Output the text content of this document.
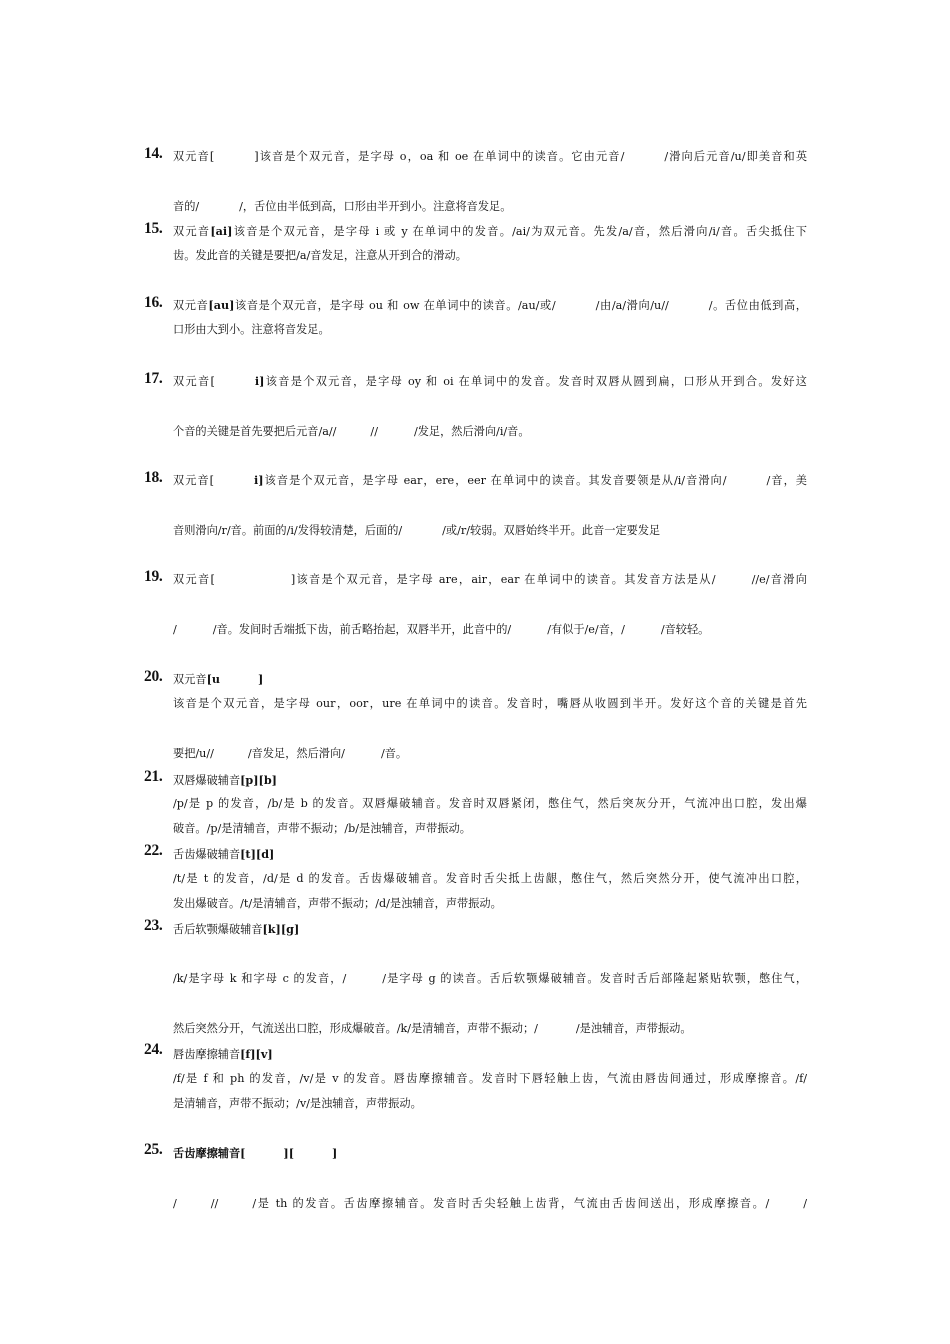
14. 双元音[	]该音是个双元音，是字母 o，oa 和 oe 在单词中的读音。它由元音/	/滑向后元音/u/即美音和英
音的/	/，舌位由半低到高，口形由半开到小。注意将音发足。
15. 双元音[ai]该音是个双元音，是字母 i 或 y 在单词中的发音。/ai/为双元音。先发/a/音，然后滑向/i/音。舌尖抵住下
齿。发此音的关键是要把/a/音发足，注意从开到合的滑动。
16. 双元音[au]该音是个双元音，是字母 ou 和 ow 在单词中的读音。/au/或/	/由/a/滑向/u//	/。舌位由低到高，
口形由大到小。注意将音发足。
17. 双元音[	i]该音是个双元音，是字母 oy 和 oi 在单词中的发音。发音时双唇从圆到扁，口形从开到合。发好这
个音的关键是首先要把后元音/a//	//	/发足，然后滑向/i/音。
18. 双元音[	i]该音是个双元音，是字母 ear，ere，eer 在单词中的读音。其发音要领是从/i/音滑向/	/音，美
音则滑向/r/音。前面的/i/发得较清楚，后面的/	/或/r/较弱。双唇始终半开。此音一定要发足
19. 双元音[	]该音是个双元音，是字母 are，air，ear 在单词中的读音。其发音方法是从/	//e/音滑向
/	/音。发间时舌端抵下齿，前舌略抬起，双唇半开，此音中的/	/有似于/e/音，/	/音较轻。
20. 双元音[u	]
该音是个双元音，是字母 our，oor，ure 在单词中的读音。发音时，嘴唇从收圆到半开。发好这个音的关键是首先
要把/u//	/音发足，然后滑向/	/音。
21. 双唇爆破辅音[p][b]
/p/是 p 的发音，/b/是 b 的发音。双唇爆破辅音。发音时双唇紧闭，憋住气，然后突灰分开，气流冲出口腔，发出爆
破音。/p/是清辅音，声带不振动；/b/是浊辅音，声带振动。
22. 舌齿爆破辅音[t][d]
/t/是 t 的发音，/d/是 d 的发音。舌齿爆破辅音。发音时舌尖抵上齿龈，憋住气，然后突然分开，使气流冲出口腔，
发出爆破音。/t/是清辅音，声带不振动；/d/是浊辅音，声带振动。
23. 舌后软颚爆破辅音[k][g]
/k/是字母 k 和字母 c 的发音，/	/是字母 g 的读音。舌后软颚爆破辅音。发音时舌后部隆起紧贴软颚，憋住气，
然后突然分开，气流送出口腔，形成爆破音。/k/是清辅音，声带不振动；/	/是浊辅音，声带振动。
24. 唇齿摩擦辅音[f][v]
/f/是 f 和 ph 的发音，/v/是 v 的发音。唇齿摩擦辅音。发音时下唇轻触上齿，气流由唇齿间通过，形成摩擦音。/f/
是清辅音，声带不振动；/v/是浊辅音，声带振动。
25. 舌齿摩擦辅音[	][	]
/	//	/是 th 的发音。舌齿摩擦辅音。发音时舌尖轻触上齿背，气流由舌齿间送出，形成摩擦音。/	/
